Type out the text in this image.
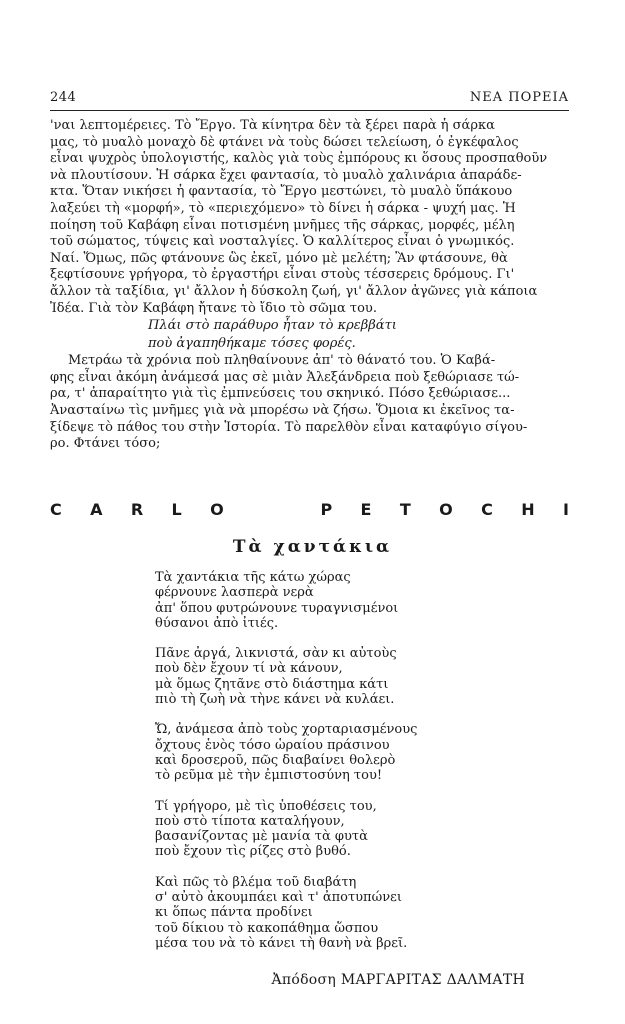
244	ΝΕΑ ΠΟΡΕΙΑ
'ναι λεπτομέρειες. Τὸ Ἔργο. Τὰ κίνητρα δὲν τὰ ξέρει παρὰ ἡ σάρκα
μας, τὸ μυαλὸ μοναχὸ δὲ φτάνει νὰ τοὺς δώσει τελείωση, ὁ ἐγκέφαλος
εἶναι ψυχρὸς ὑπολογιστής, καλὸς γιὰ τοὺς ἐμπόρους κι ὅσους προσπαθοῦν
νὰ πλουτίσουν. Ἡ σάρκα ἔχει φαντασία, τὸ μυαλὸ χαλινάρια ἀπαράδε-
κτα. Ὅταν νικήσει ἡ φαντασία, τὸ Ἔργο μεστώνει, τὸ μυαλὸ ὕπάκουο
λαξεύει τὴ «μορφή», τὸ «περιεχόμενο» τὸ δίνει ἡ σάρκα - ψυχή μας. Ἡ
ποίηση τοῦ Καβάφη εἶναι ποτισμένη μνῆμες τῆς σάρκας, μορφές, μέλη
τοῦ σώματος, τύψεις καὶ νοσταλγίες. Ὁ καλλίτερος εἶναι ὁ γνωμικός.
Ναί. Ὅμως, πῶς φτάνουνε ὣς ἐκεῖ, μόνο μὲ μελέτη; Ἂν φτάσουνε, θὰ
ξεφτίσουνε γρήγορα, τὸ ἐργαστήρι εἶναι στοὺς τέσσερεις δρόμους. Γι'
ἄλλον τὰ ταξίδια, γι' ἄλλον ἡ δύσκολη ζωή, γι' ἄλλον ἀγῶνες γιὰ κάποια
Ἰδέα. Γιὰ τὸν Καβάφη ἤτανε τὸ ἴδιο τὸ σῶμα του.
Πλάι στὸ παράθυρο ἦταν τὸ κρεββάτι
ποὺ ἀγαπηθήκαμε τόσες φορές.
Μετράω τὰ χρόνια ποὺ πληθαίνουνε ἀπ' τὸ θάνατό του. Ὁ Καβά-
φης εἶναι ἀκόμη ἀνάμεσά μας σὲ μιὰν Ἀλεξάνδρεια ποὺ ξεθώριασε τώ-
ρα, τ' ἀπαραίτητο γιὰ τὶς ἐμπνεύσεις του σκηνικό. Πόσο ξεθώριασε...
Ἀνασταίνω τὶς μνῆμες γιὰ νὰ μπορέσω νὰ ζήσω. Ὅμοια κι ἐκεῖνος τα-
ξίδεψε τὸ πάθος του στὴν Ἱστορία. Τὸ παρελθὸν εἶναι καταφύγιο σίγου-
ρο. Φτάνει τόσο;
C A R L O	P E T O C H I
Τὰ χαντάκια
Τὰ χαντάκια τῆς κάτω χώρας
φέρνουνε λασπερὰ νερὰ
ἀπ' ὅπου φυτρώνουνε τυραγνισμένοι
θύσανοι ἀπὸ ἰτιές.
Πᾶνε ἀργά, λικνιστά, σὰν κι αὐτοὺς
ποὺ δὲν ἔχουν τί νὰ κάνουν,
μὰ ὅμως ζητᾶνε στὸ διάστημα κάτι
πιὸ τὴ ζωὴ νὰ τὴνε κάνει νὰ κυλάει.
Ὤ, ἀνάμεσα ἀπὸ τοὺς χορταριασμένους
ὄχτους ἑνὸς τόσο ὡραίου πράσινου
καὶ δροσεροῦ, πῶς διαβαίνει θολερὸ
τὸ ρεῦμα μὲ τὴν ἐμπιστοσύνη του!
Τί γρήγορο, μὲ τὶς ὑποθέσεις του,
ποὺ στὸ τίποτα καταλήγουν,
βασανίζοντας μὲ μανία τὰ φυτὰ
ποὺ ἔχουν τὶς ρίζες στὸ βυθό.
Καὶ πῶς τὸ βλέμα τοῦ διαβάτη
σ' αὐτὸ ἀκουμπάει καὶ τ' ἀποτυπώνει
κι ὅπως πάντα προδίνει
τοῦ δίκιου τὸ κακοπάθημα ὥσπου
μέσα του νὰ τὸ κάνει τὴ θανὴ νὰ βρεῖ.
Ἀπόδοση ΜΑΡΓΑΡΙΤΑΣ ΔΑΛΜΑΤΗ
